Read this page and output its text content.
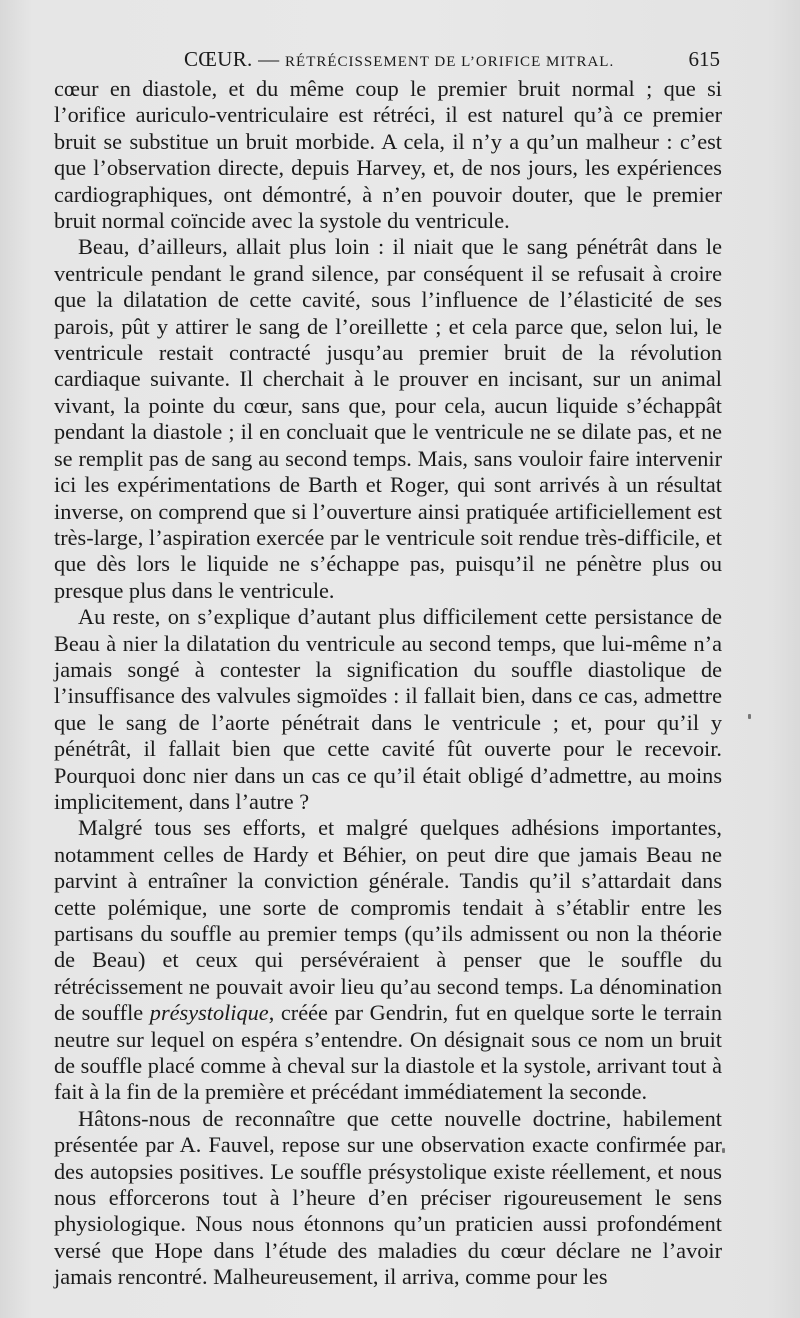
CŒUR. — RÉTRÉCISSEMENT DE L’ORIFICE MITRAL.	615

cœur en diastole, et du même coup le premier bruit normal ; que si l’orifice auriculo-ventriculaire est rétréci, il est naturel qu’à ce premier bruit se substitue un bruit morbide. A cela, il n’y a qu’un malheur : c’est que l’observation directe, depuis Harvey, et, de nos jours, les expériences cardiographiques, ont démontré, à n’en pouvoir douter, que le premier bruit normal coïncide avec la systole du ventricule.

Beau, d’ailleurs, allait plus loin : il niait que le sang pénétrât dans le ventricule pendant le grand silence, par conséquent il se refusait à croire que la dilatation de cette cavité, sous l’influence de l’élasticité de ses parois, pût y attirer le sang de l’oreillette ; et cela parce que, selon lui, le ventricule restait contracté jusqu’au premier bruit de la révolution cardiaque suivante. Il cherchait à le prouver en incisant, sur un animal vivant, la pointe du cœur, sans que, pour cela, aucun liquide s’échappât pendant la diastole ; il en concluait que le ventricule ne se dilate pas, et ne se remplit pas de sang au second temps. Mais, sans vouloir faire intervenir ici les expérimentations de Barth et Roger, qui sont arrivés à un résultat inverse, on comprend que si l’ouverture ainsi pratiquée artificiellement est très-large, l’aspiration exercée par le ventricule soit rendue très-difficile, et que dès lors le liquide ne s’échappe pas, puisqu’il ne pénètre plus ou presque plus dans le ventricule.

Au reste, on s’explique d’autant plus difficilement cette persistance de Beau à nier la dilatation du ventricule au second temps, que lui-même n’a jamais songé à contester la signification du souffle diastolique de l’insuffisance des valvules sigmoïdes : il fallait bien, dans ce cas, admettre que le sang de l’aorte pénétrait dans le ventricule ; et, pour qu’il y pénétrât, il fallait bien que cette cavité fût ouverte pour le recevoir. Pourquoi donc nier dans un cas ce qu’il était obligé d’admettre, au moins implicitement, dans l’autre ?

Malgré tous ses efforts, et malgré quelques adhésions importantes, notamment celles de Hardy et Béhier, on peut dire que jamais Beau ne parvint à entraîner la conviction générale. Tandis qu’il s’attardait dans cette polémique, une sorte de compromis tendait à s’établir entre les partisans du souffle au premier temps (qu’ils admissent ou non la théorie de Beau) et ceux qui persévéraient à penser que le souffle du rétrécissement ne pouvait avoir lieu qu’au second temps. La dénomination de souffle présystolique, créée par Gendrin, fut en quelque sorte le terrain neutre sur lequel on espéra s’entendre. On désignait sous ce nom un bruit de souffle placé comme à cheval sur la diastole et la systole, arrivant tout à fait à la fin de la première et précédant immédiatement la seconde.

Hâtons-nous de reconnaître que cette nouvelle doctrine, habilement présentée par A. Fauvel, repose sur une observation exacte confirmée par des autopsies positives. Le souffle présystolique existe réellement, et nous nous efforcerons tout à l’heure d’en préciser rigoureusement le sens physiologique. Nous nous étonnons qu’un praticien aussi profondément versé que Hope dans l’étude des maladies du cœur déclare ne l’avoir jamais rencontré. Malheureusement, il arriva, comme pour les
